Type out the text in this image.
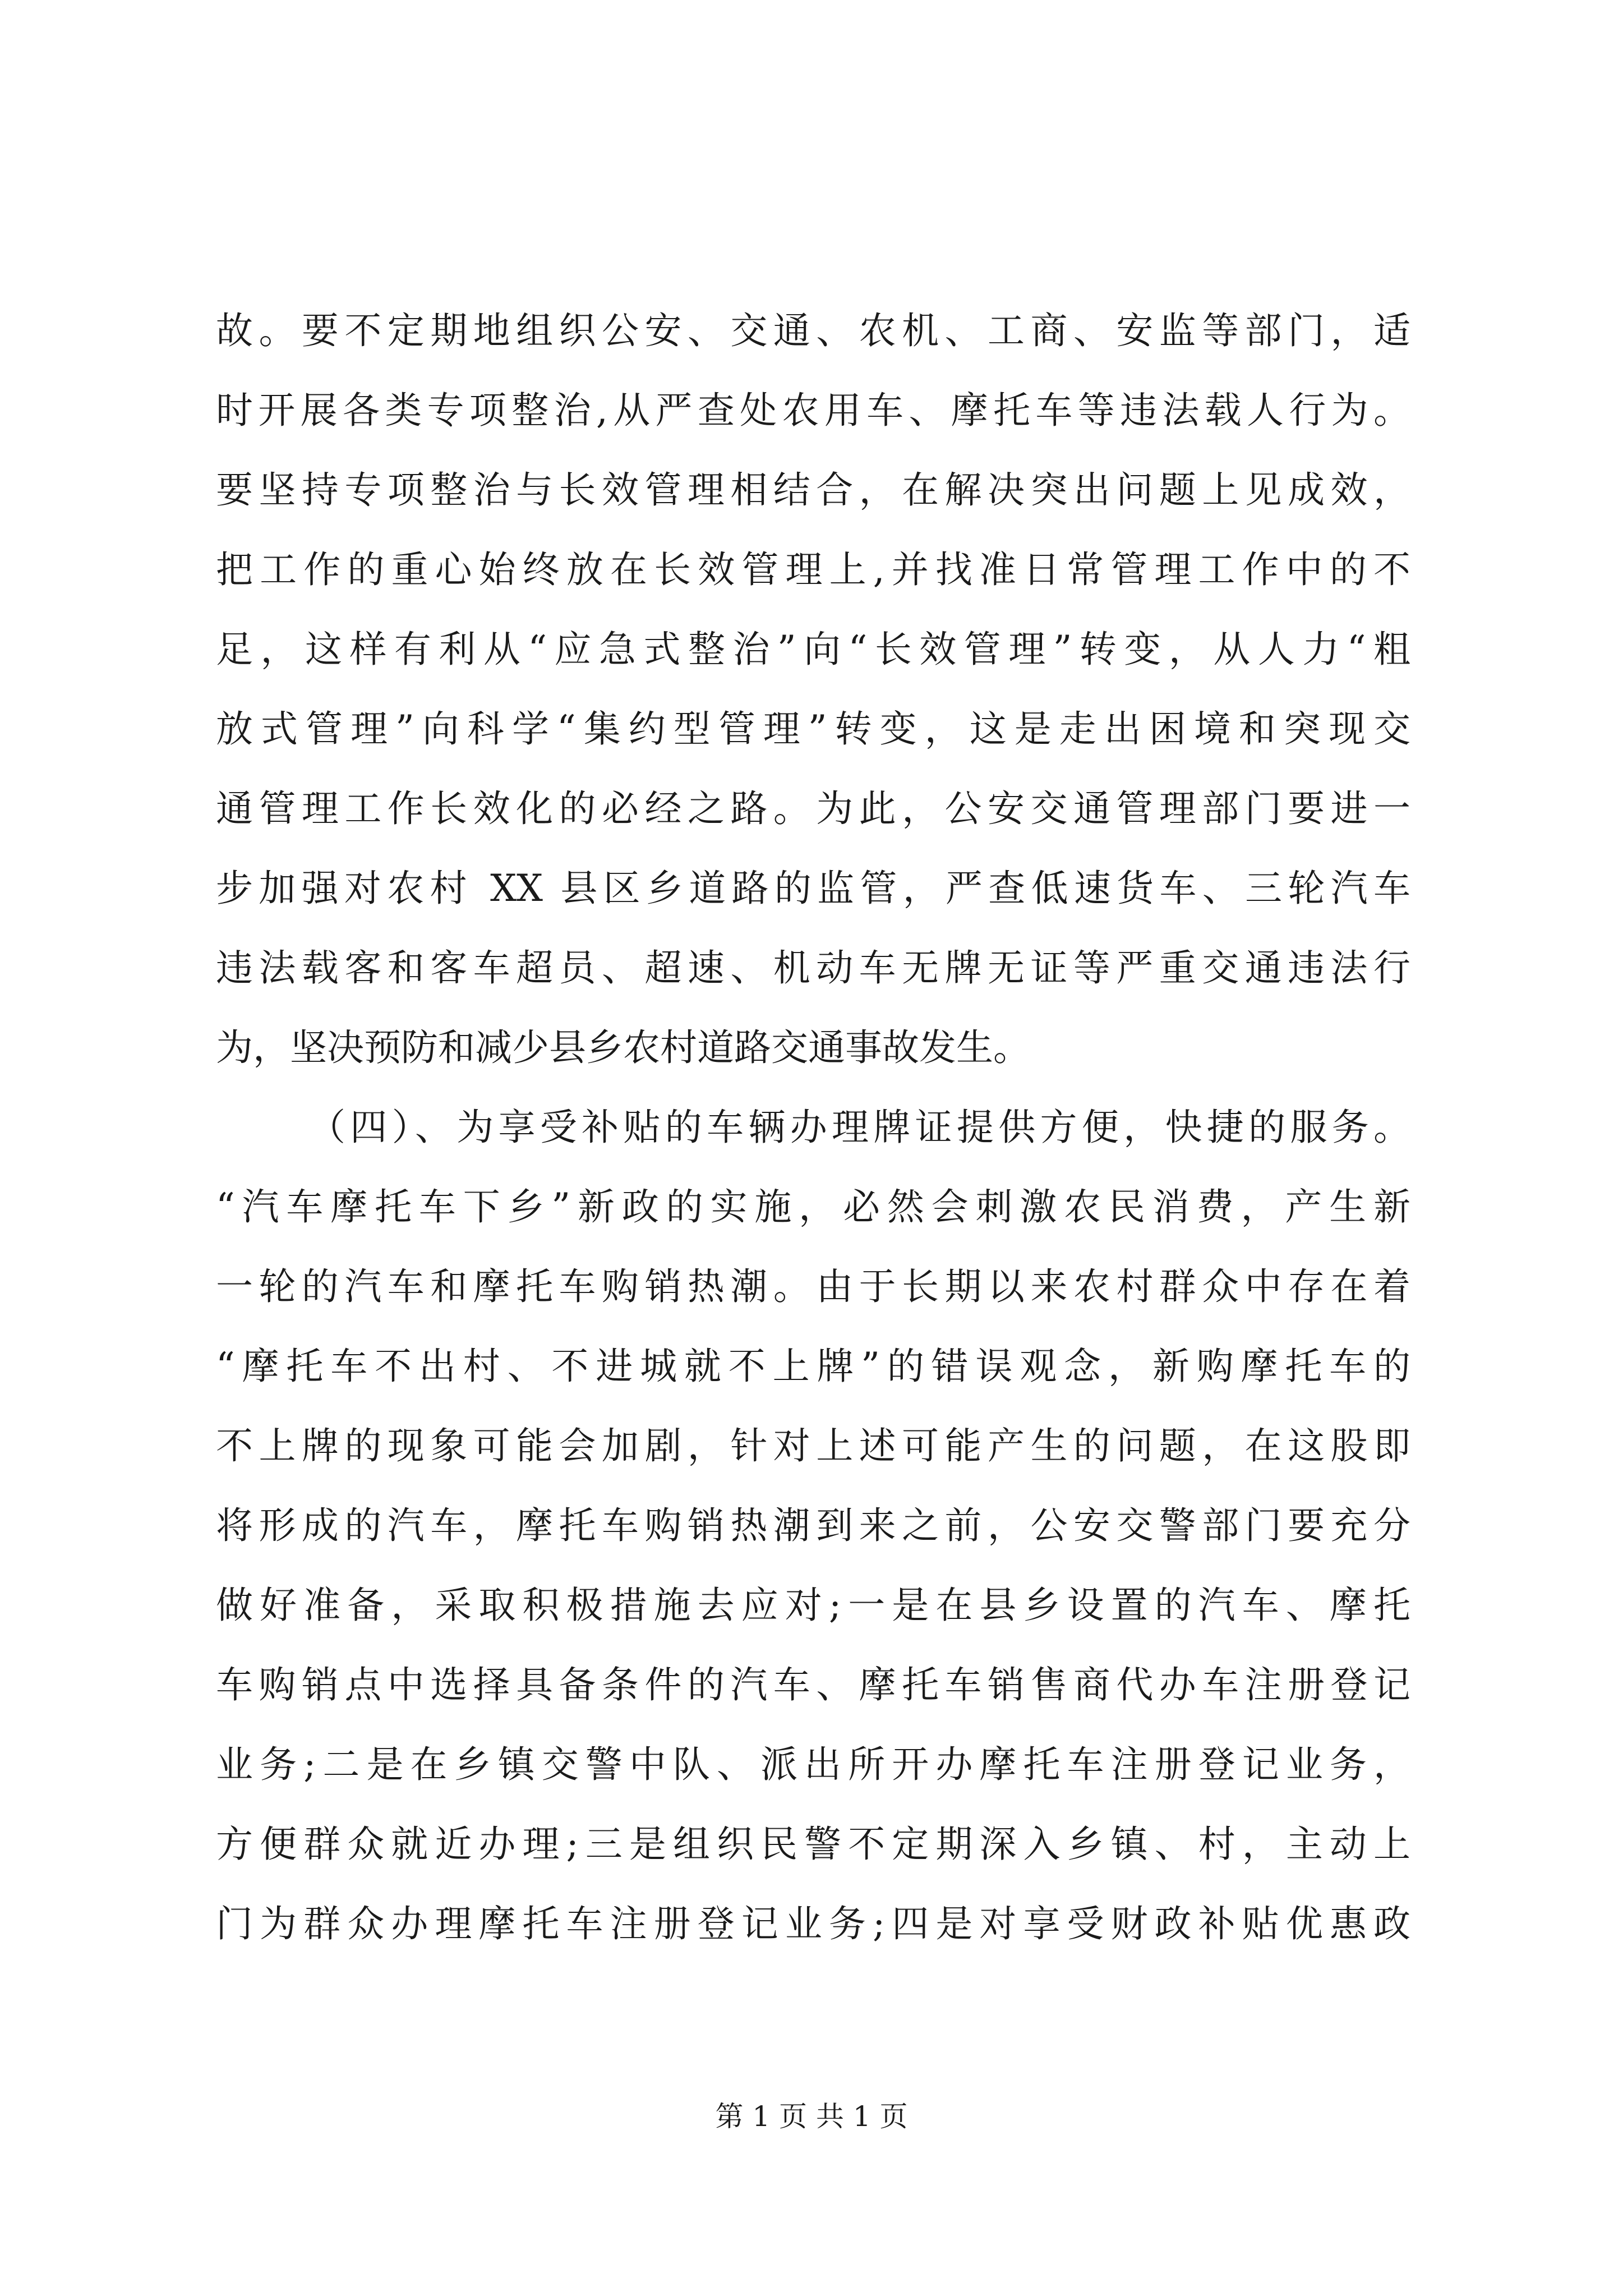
故。要不定期地组织公安、交通、农机、工商、安监等部门，适
时开展各类专项整治,从严查处农用车、摩托车等违法载人行为。
要坚持专项整治与长效管理相结合，在解决突出问题上见成效，
把工作的重心始终放在长效管理上,并找准日常管理工作中的不
足，这样有利从“应急式整治”向“长效管理”转变，从人力“粗
放式管理”向科学“集约型管理”转变，这是走出困境和突现交
通管理工作长效化的必经之路。为此，公安交通管理部门要进一
步加强对农村 XX 县区乡道路的监管，严查低速货车、三轮汽车
违法载客和客车超员、超速、机动车无牌无证等严重交通违法行
为，坚决预防和减少县乡农村道路交通事故发生。
（四）、为享受补贴的车辆办理牌证提供方便，快捷的服务。
“汽车摩托车下乡”新政的实施，必然会刺激农民消费，产生新
一轮的汽车和摩托车购销热潮。由于长期以来农村群众中存在着
“摩托车不出村、不进城就不上牌”的错误观念，新购摩托车的
不上牌的现象可能会加剧，针对上述可能产生的问题，在这股即
将形成的汽车，摩托车购销热潮到来之前，公安交警部门要充分
做好准备，采取积极措施去应对;一是在县乡设置的汽车、摩托
车购销点中选择具备条件的汽车、摩托车销售商代办车注册登记
业务;二是在乡镇交警中队、派出所开办摩托车注册登记业务，
方便群众就近办理;三是组织民警不定期深入乡镇、村，主动上
门为群众办理摩托车注册登记业务;四是对享受财政补贴优惠政
第 1 页 共 1 页
